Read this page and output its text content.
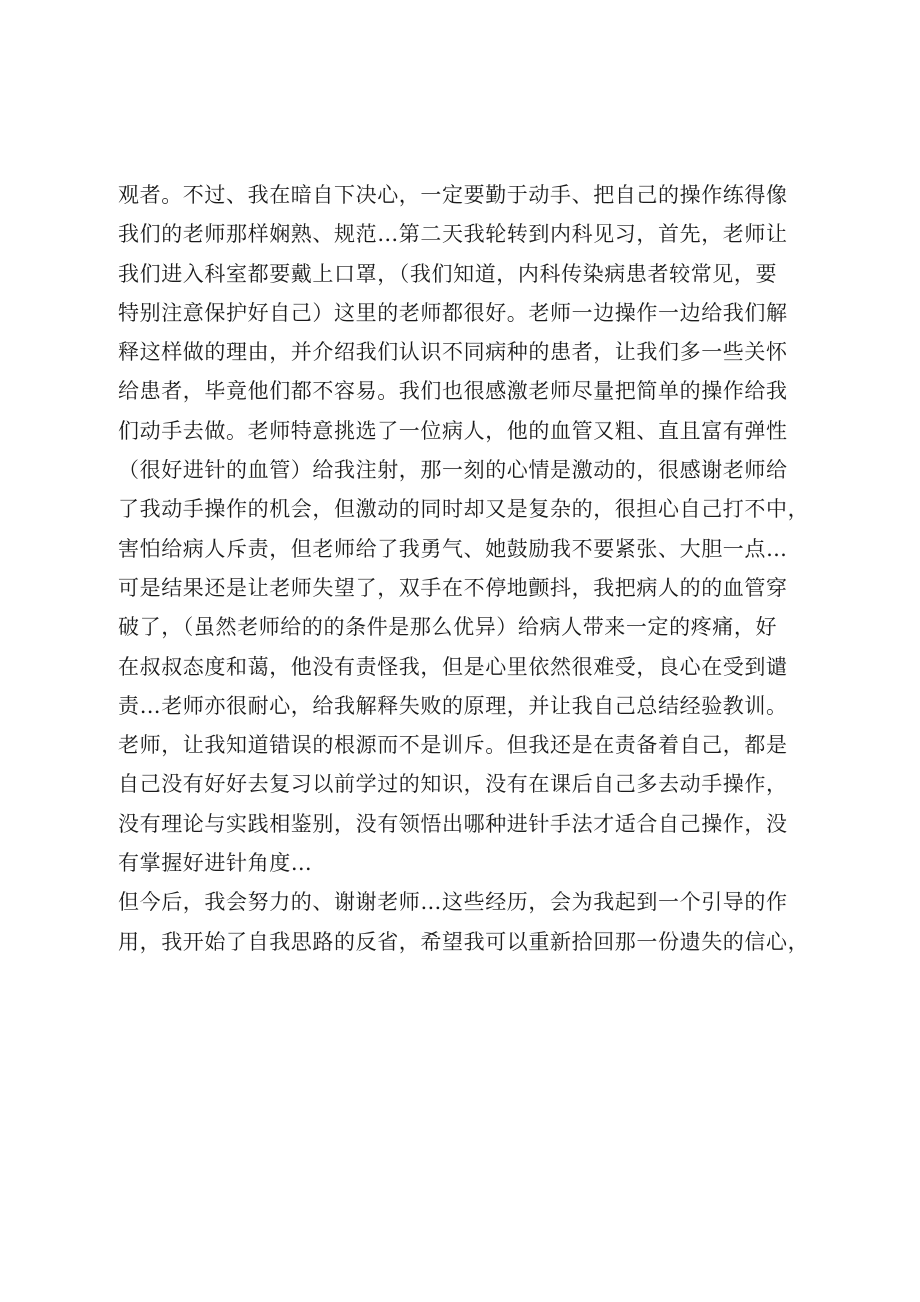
观者。不过、我在暗自下决心，一定要勤于动手、把自己的操作练得像
我们的老师那样娴熟、规范…第二天我轮转到内科见习，首先，老师让
我们进入科室都要戴上口罩，（我们知道，内科传染病患者较常见，要
特别注意保护好自己）这里的老师都很好。老师一边操作一边给我们解
释这样做的理由，并介绍我们认识不同病种的患者，让我们多一些关怀
给患者，毕竟他们都不容易。我们也很感激老师尽量把简单的操作给我
们动手去做。老师特意挑选了一位病人，他的血管又粗、直且富有弹性
（很好进针的血管）给我注射，那一刻的心情是激动的，很感谢老师给
了我动手操作的机会，但激动的同时却又是复杂的，很担心自己打不中，
害怕给病人斥责，但老师给了我勇气、她鼓励我不要紧张、大胆一点…
可是结果还是让老师失望了，双手在不停地颤抖，我把病人的的血管穿
破了，（虽然老师给的的条件是那么优异）给病人带来一定的疼痛，好
在叔叔态度和蔼，他没有责怪我，但是心里依然很难受，良心在受到谴
责…老师亦很耐心，给我解释失败的原理，并让我自己总结经验教训。
老师，让我知道错误的根源而不是训斥。但我还是在责备着自己，都是
自己没有好好去复习以前学过的知识，没有在课后自己多去动手操作，
没有理论与实践相鉴别，没有领悟出哪种进针手法才适合自己操作，没
有掌握好进针角度…
但今后，我会努力的、谢谢老师…这些经历，会为我起到一个引导的作
用，我开始了自我思路的反省，希望我可以重新拾回那一份遗失的信心，
